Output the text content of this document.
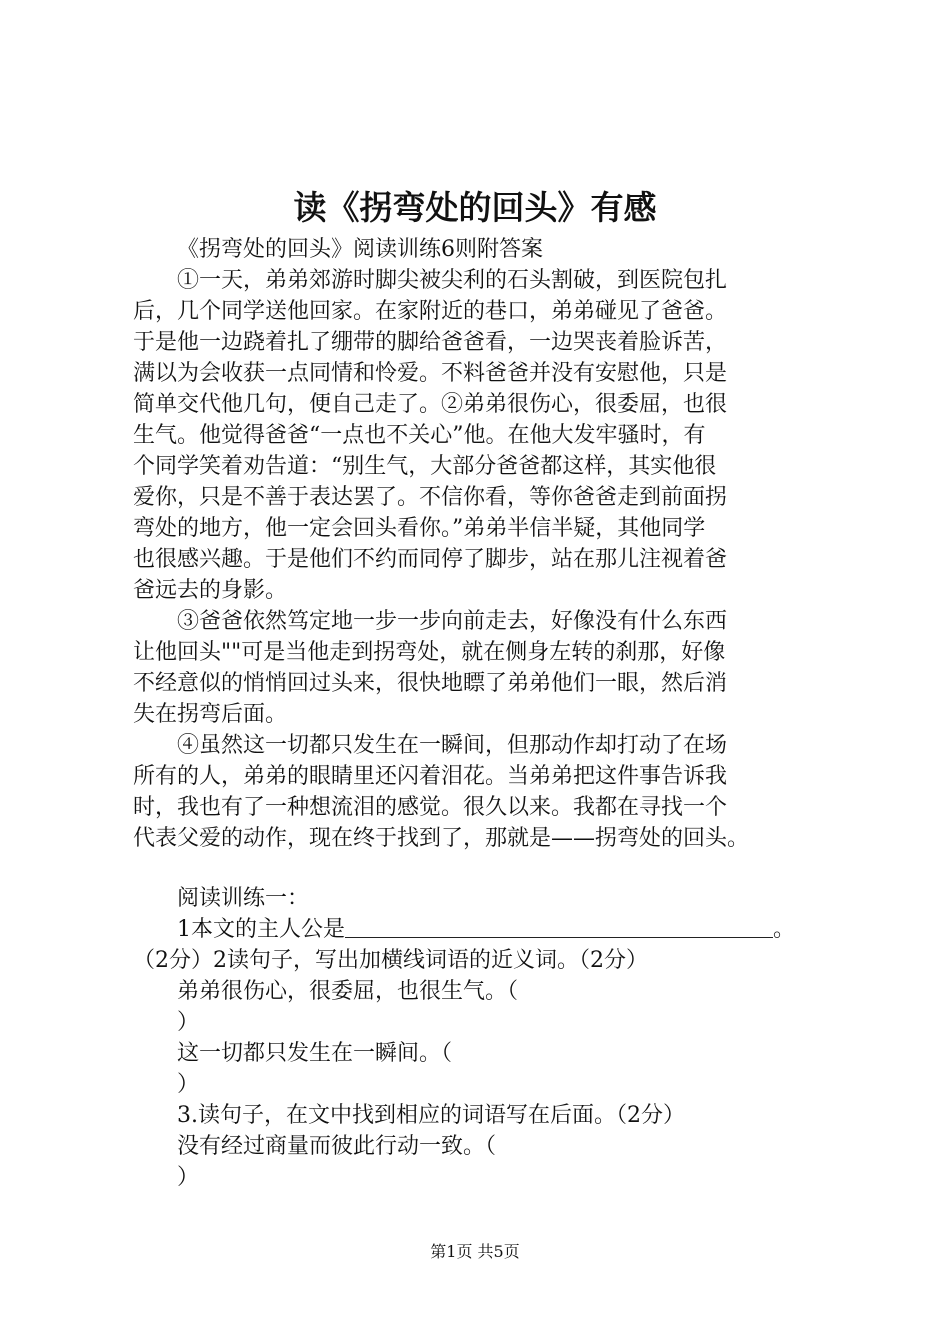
读《拐弯处的回头》有感
《拐弯处的回头》阅读训练6则附答案
①一天，弟弟郊游时脚尖被尖利的石头割破，到医院包扎
后，几个同学送他回家。在家附近的巷口，弟弟碰见了爸爸。
于是他一边跷着扎了绷带的脚给爸爸看，一边哭丧着脸诉苦，
满以为会收获一点同情和怜爱。不料爸爸并没有安慰他，只是
简单交代他几句，便自己走了。②弟弟很伤心，很委屈，也很
生气。他觉得爸爸“一点也不关心”他。在他大发牢骚时，有
个同学笑着劝告道：“别生气，大部分爸爸都这样，其实他很
爱你，只是不善于表达罢了。不信你看，等你爸爸走到前面拐
弯处的地方，他一定会回头看你。”弟弟半信半疑，其他同学
也很感兴趣。于是他们不约而同停了脚步，站在那儿注视着爸
爸远去的身影。
③爸爸依然笃定地一步一步向前走去，好像没有什么东西
让他回头""可是当他走到拐弯处，就在侧身左转的刹那，好像
不经意似的悄悄回过头来，很快地瞟了弟弟他们一眼，然后消
失在拐弯后面。
④虽然这一切都只发生在一瞬间，但那动作却打动了在场
所有的人，弟弟的眼睛里还闪着泪花。当弟弟把这件事告诉我
时，我也有了一种想流泪的感觉。很久以来。我都在寻找一个
代表父爱的动作，现在终于找到了，那就是——拐弯处的回头。
阅读训练一：
1本文的主人公是	。
（2分）2读句子，写出加横线词语的近义词。（2分）
弟弟很伤心，很委屈，也很生气。（
）
这一切都只发生在一瞬间。（
）
3.读句子，在文中找到相应的词语写在后面。（2分）
没有经过商量而彼此行动一致。（
）
第1页 共5页
